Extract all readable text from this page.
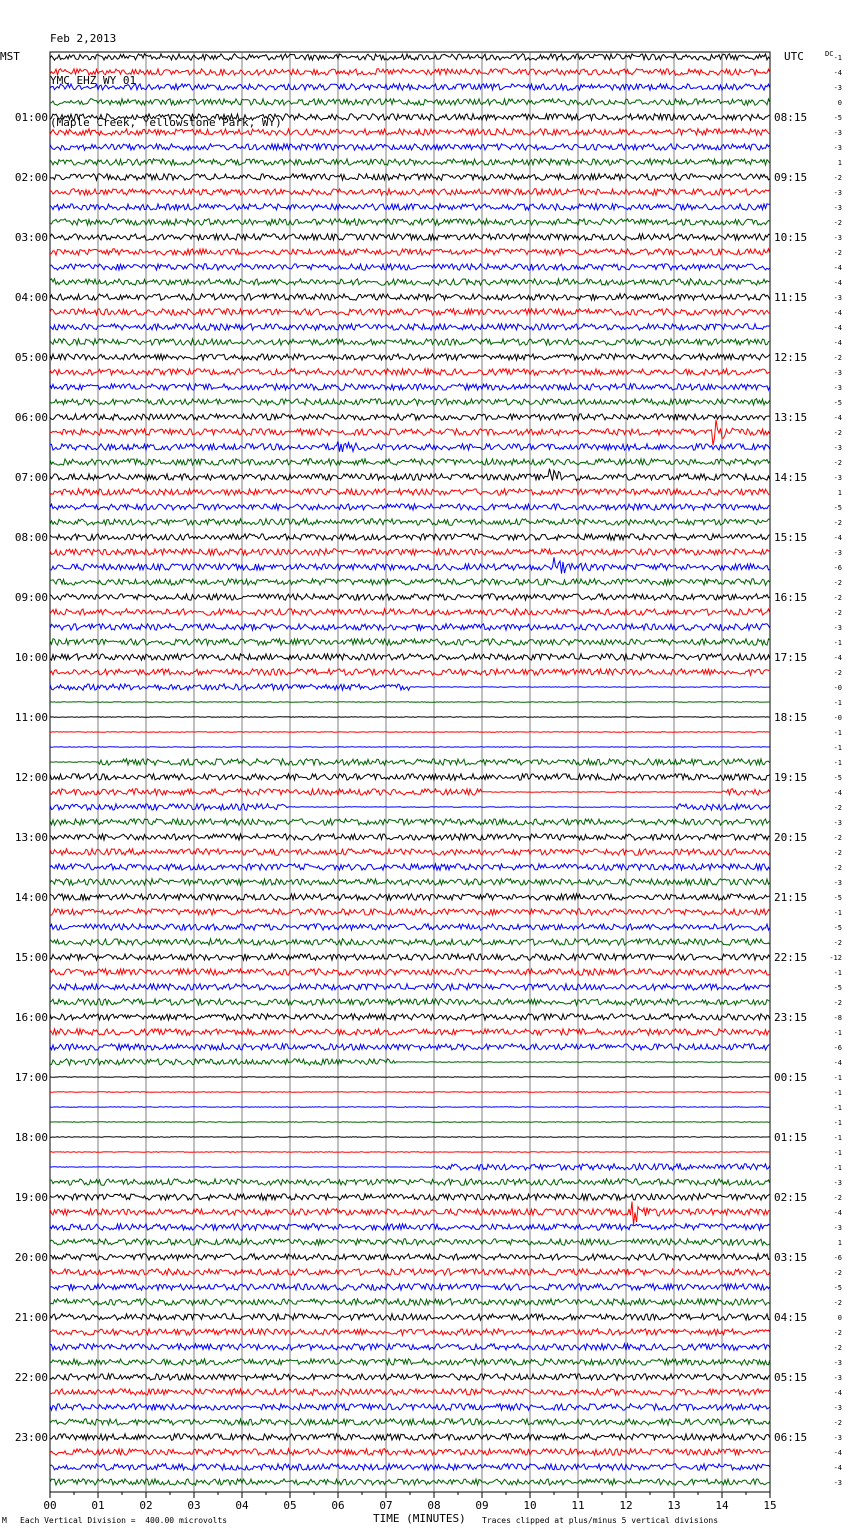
Feb 2,2013

YMC EHZ WY 01

(Maple Creek, Yellowstone Park, WY)

MST	UTC	DC -1
-4
-3
0
-5
-3
-3
1
-2
-3
-3
-2
-3
-2
-4
-4
-3
-4
-4
-4
-2
-3
-3
-5
-4
-2
-3
-2
-3
1
-5
-2
-4
-3
-6
-2
-2
-2
-3
-1
-4
-2
-0
-1
-0
-1
-1
-1
-5
-4
-2
-3
-2
-2
-2
-3
-5
-1
-5
-2
-12
-1
-5
-2
-8
-1
-6
-4
-1
-1
-1
-1
-1
-1
-1
-3
-2
-4
-3
1
-6
-2
-5
-2
0
-2
-2
-3
-3
-4
-3
-2
-3
-4
-4
-3
01:00	08:15
02:00	09:15
03:00	10:15
04:00	11:15
05:00	12:15
06:00	13:15
07:00	14:15
08:00	15:15
09:00	16:15
10:00	17:15
11:00	18:15
12:00	19:15
13:00	20:15
14:00	21:15
15:00	22:15
16:00	23:15
17:00	00:15
18:00	01:15
19:00	02:15
20:00	03:15
21:00	04:15
22:00	05:15
23:00	06:15
00	01	02	03	04	05	06	07	08	09	10	11	12	13	14	15
TIME (MINUTES)
M Each Vertical Division =  400.00 microvolts	Traces clipped at plus/minus 5 vertical divisions
